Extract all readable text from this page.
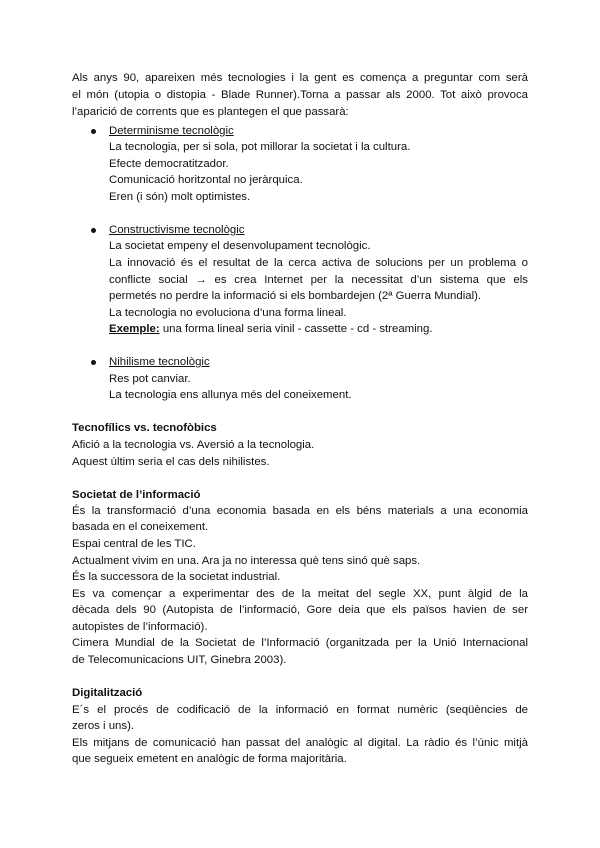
Als anys 90, apareixen més tecnologies i la gent es comença a preguntar com serà
el món (utopia o distopia - Blade Runner).Torna a passar als 2000. Tot això provoca
l’aparició de corrents que es plantegen el que passarà:
Determinisme tecnològic
La tecnologia, per si sola, pot millorar la societat i la cultura.
Efecte democratitzador.
Comunicació horitzontal no jeràrquica.
Eren (i són) molt optimistes.
Constructivisme tecnològic
La societat empeny el desenvolupament tecnològic.
La innovació és el resultat de la cerca activa de solucions per un problema o
conflicte social → es crea Internet per la necessitat d’un sistema que els
permetés no perdre la informació si els bombardejen (2ª Guerra Mundial).
La tecnologia no evoluciona d’una forma lineal.
Exemple: una forma lineal seria vinil - cassette - cd - streaming.
Nihilisme tecnològic
Res pot canviar.
La tecnologia ens allunya més del coneixement.
Tecnofílics vs. tecnofòbics
Afició a la tecnologia vs. Aversió a la tecnologia.
Aquest últim seria el cas dels nihilistes.
Societat de l’informació
És la transformació d’una economia basada en els béns materials a una economia
basada en el coneixement.
Espai central de les TIC.
Actualment vivim en una. Ara ja no interessa què tens sinó què saps.
És la successora de la societat industrial.
Es va començar a experimentar des de la meitat del segle XX, punt àlgid de la
dècada dels 90 (Autopista de l’informació, Gore deia que els països havien de ser
autopistes de l’informació).
Cimera Mundial de la Societat de l’Informació (organitzada per la Unió Internacional
de Telecomunicacions UIT, Ginebra 2003).
Digitalització
E´s el procés de codificació de la informació en format numèric (seqüències de
zeros i uns).
Els mitjans de comunicació han passat del analògic al digital. La ràdio és l’únic mitjà
que segueix emetent en analògic de forma majoritària.
